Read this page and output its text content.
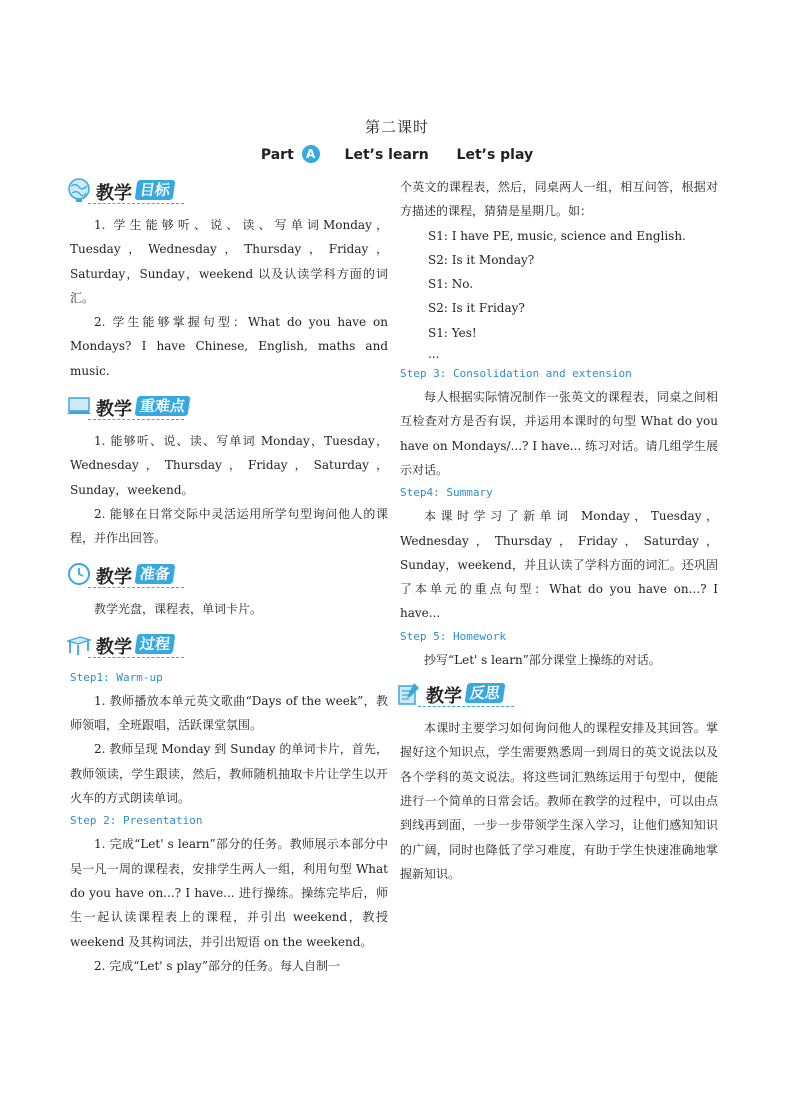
第二课时
Part A Let’s learn Let’s play
教学 目标

1. 学生能够听、说、读、写单词Monday，Tuesday，Wednesday，Thursday，Friday，Saturday，Sunday，weekend 以及认读学科方面的词汇。

2. 学生能够掌握句型：What do you have on Mondays? I have Chinese, English, maths and music.

教学 重难点

1. 能够听、说、读、写单词 Monday，Tuesday，Wednesday，Thursday，Friday，Saturday，Sunday，weekend。

2. 能够在日常交际中灵活运用所学句型询问他人的课程，并作出回答。

教学 准备

教学光盘，课程表，单词卡片。

教学 过程

Step1: Warm-up

1. 教师播放本单元英文歌曲“Days of the week”，教师领唱，全班跟唱，活跃课堂氛围。

2. 教师呈现 Monday 到 Sunday 的单词卡片，首先，教师领读，学生跟读，然后，教师随机抽取卡片让学生以开火车的方式朗读单词。

Step 2: Presentation

1. 完成“Let' s learn”部分的任务。教师展示本部分中吴一凡一周的课程表，安排学生两人一组，利用句型 What do you have on...? I have... 进行操练。操练完毕后，师生一起认读课程表上的课程，并引出 weekend，教授 weekend 及其构词法，并引出短语 on the weekend。

2. 完成“Let' s play”部分的任务。每人自制一

个英文的课程表，然后，同桌两人一组，相互问答，根据对方描述的课程，猜猜是星期几。如：

S1: I have PE, music, science and English.
S2: Is it Monday?
S1: No.
S2: Is it Friday?
S1: Yes!
...

Step 3: Consolidation and extension

每人根据实际情况制作一张英文的课程表，同桌之间相互检查对方是否有误，并运用本课时的句型 What do you have on Mondays/...? I have... 练习对话。请几组学生展示对话。

Step4: Summary

本课时学习了新单词 Monday，Tuesday，Wednesday，Thursday，Friday，Saturday，Sunday，weekend，并且认读了学科方面的词汇。还巩固了本单元的重点句型：What do you have on...? I have...

Step 5: Homework

抄写“Let' s learn”部分课堂上操练的对话。

教学 反思

本课时主要学习如何询问他人的课程安排及其回答。掌握好这个知识点，学生需要熟悉周一到周日的英文说法以及各个学科的英文说法。将这些词汇熟练运用于句型中，便能进行一个简单的日常会话。教师在教学的过程中，可以由点到线再到面，一步一步带领学生深入学习，让他们感知知识的广阔，同时也降低了学习难度，有助于学生快速准确地掌握新知识。
